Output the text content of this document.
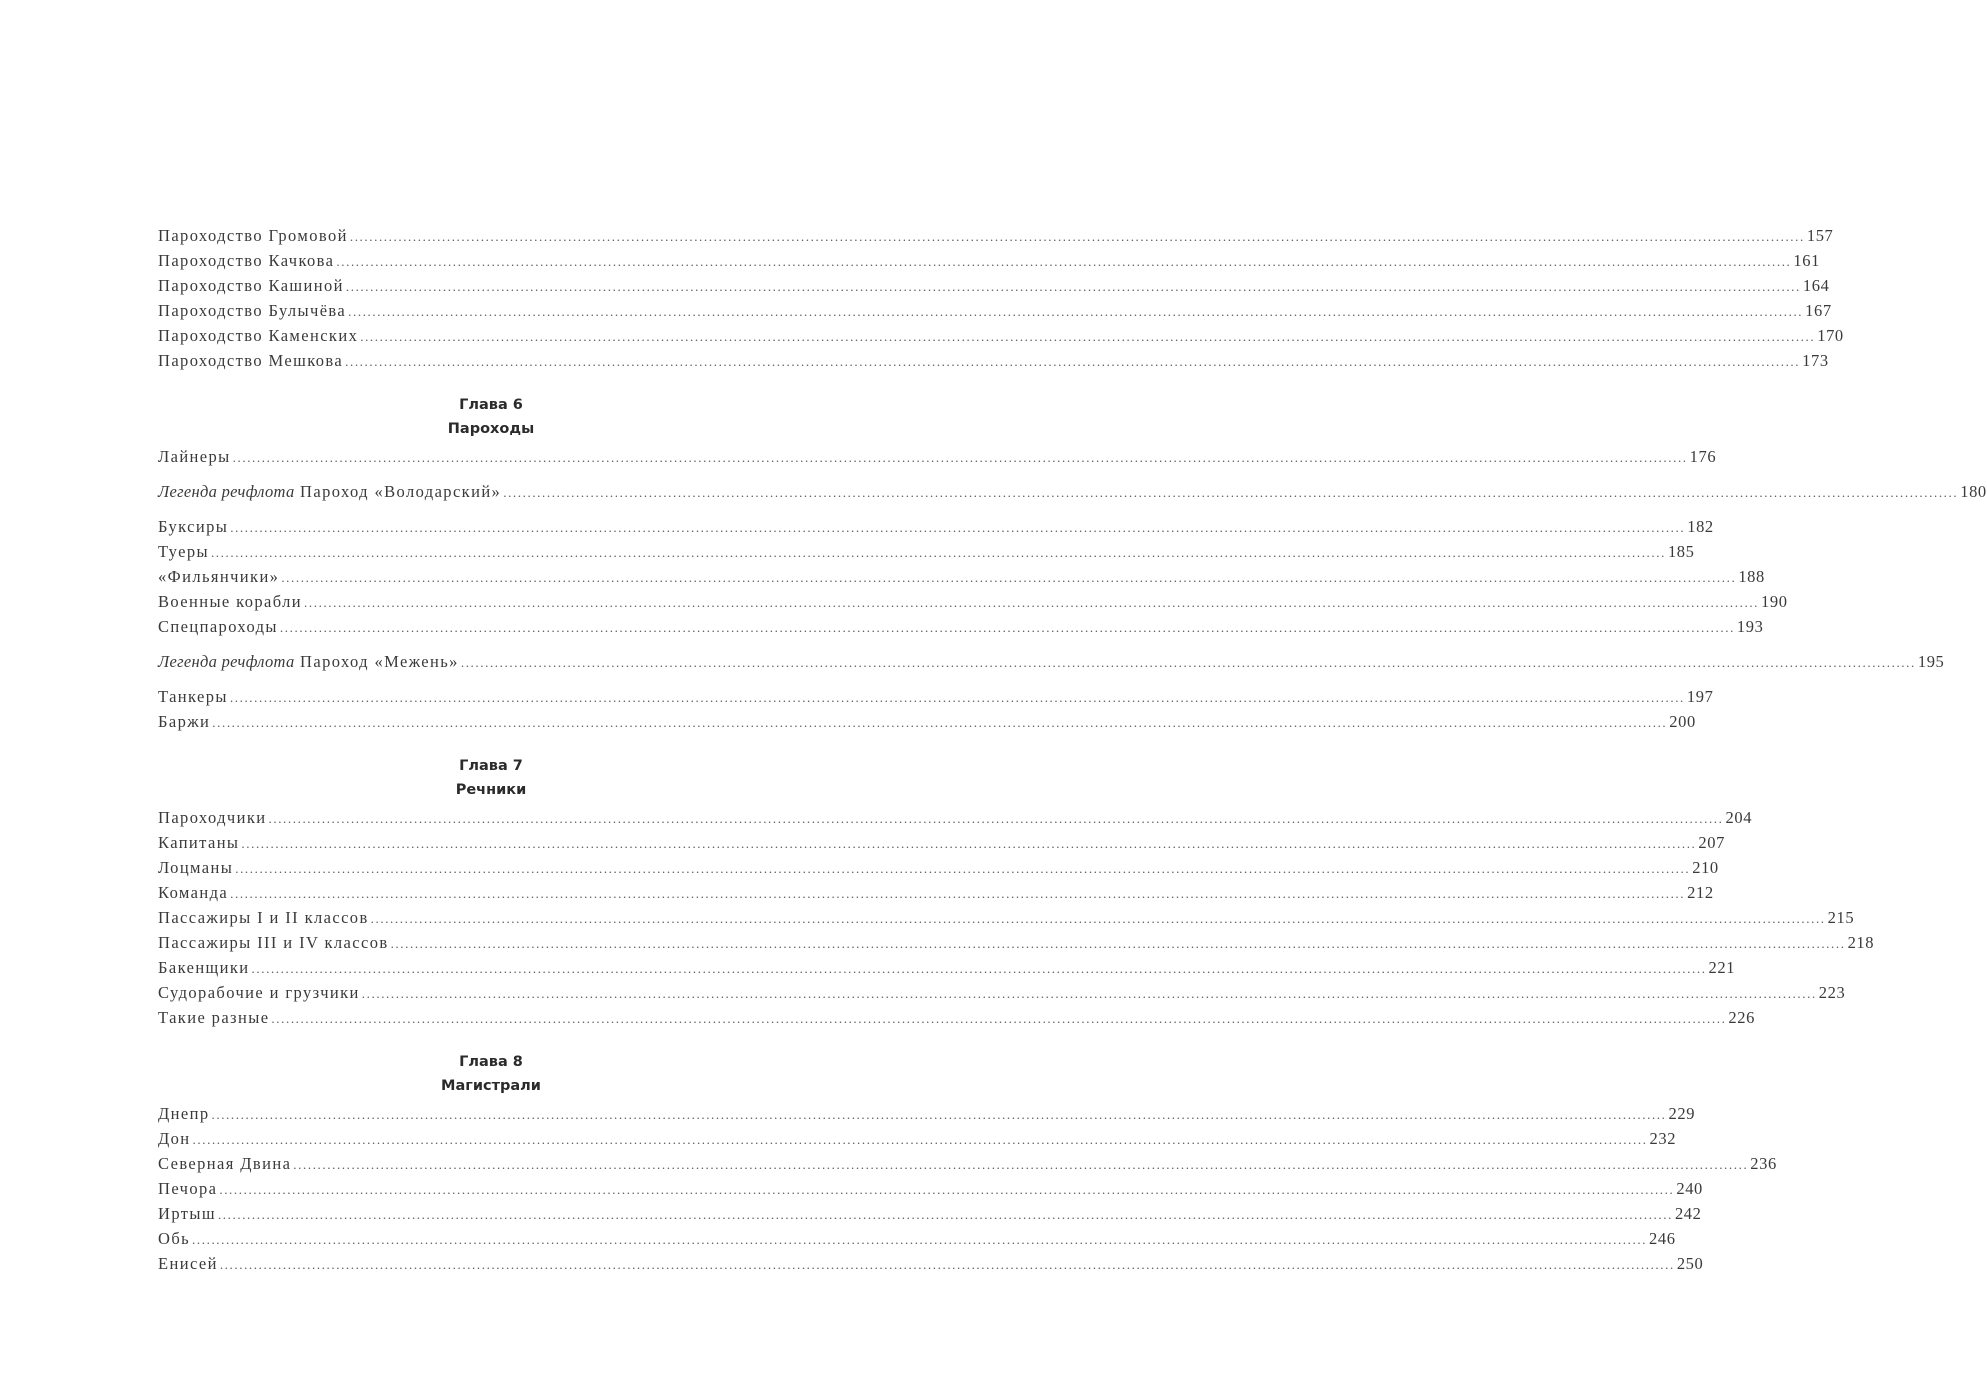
Пароходство Громовой ............................................................................................................................................................................................................................................................................................................ 157
Пароходство Качкова ............................................................................................................................................................................................................................................................................................................ 161
Пароходство Кашиной ............................................................................................................................................................................................................................................................................................................ 164
Пароходство Булычёва ............................................................................................................................................................................................................................................................................................................ 167
Пароходство Каменских ............................................................................................................................................................................................................................................................................................................ 170
Пароходство Мешкова ............................................................................................................................................................................................................................................................................................................ 173
Глава 6
Пароходы
Лайнеры ............................................................................................................................................................................................................................................................................................................ 176
Легенда речфлота Пароход «Володарский» ............................................................................................................................................................................................................................................................................................................ 180
Буксиры ............................................................................................................................................................................................................................................................................................................ 182
Туеры ............................................................................................................................................................................................................................................................................................................ 185
«Фильянчики» ............................................................................................................................................................................................................................................................................................................ 188
Военные корабли ............................................................................................................................................................................................................................................................................................................ 190
Спецпароходы ............................................................................................................................................................................................................................................................................................................ 193
Легенда речфлота Пароход «Межень» ............................................................................................................................................................................................................................................................................................................ 195
Танкеры ............................................................................................................................................................................................................................................................................................................ 197
Баржи ............................................................................................................................................................................................................................................................................................................ 200
Глава 7
Речники
Пароходчики ............................................................................................................................................................................................................................................................................................................ 204
Капитаны ............................................................................................................................................................................................................................................................................................................ 207
Лоцманы ............................................................................................................................................................................................................................................................................................................ 210
Команда ............................................................................................................................................................................................................................................................................................................ 212
Пассажиры I и II классов ............................................................................................................................................................................................................................................................................................................ 215
Пассажиры III и IV классов ............................................................................................................................................................................................................................................................................................................ 218
Бакенщики ............................................................................................................................................................................................................................................................................................................ 221
Судорабочие и грузчики ............................................................................................................................................................................................................................................................................................................ 223
Такие разные ............................................................................................................................................................................................................................................................................................................ 226
Глава 8
Магистрали
Днепр ............................................................................................................................................................................................................................................................................................................ 229
Дон ............................................................................................................................................................................................................................................................................................................ 232
Северная Двина ............................................................................................................................................................................................................................................................................................................ 236
Печора ............................................................................................................................................................................................................................................................................................................ 240
Иртыш ............................................................................................................................................................................................................................................................................................................ 242
Обь ............................................................................................................................................................................................................................................................................................................ 246
Енисей ............................................................................................................................................................................................................................................................................................................ 250
